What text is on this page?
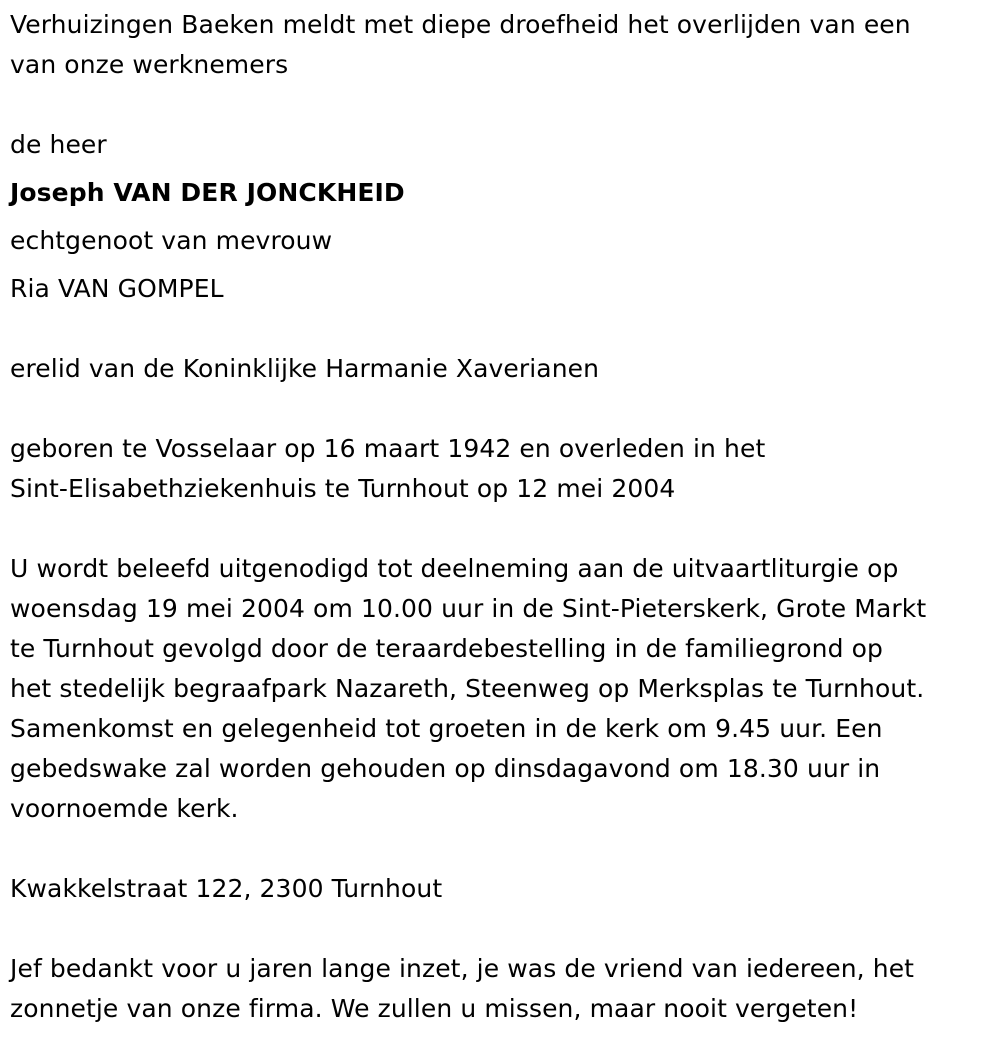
Verhuizingen Baeken meldt met diepe droefheid het overlijden van een
van onze werknemers
de heer
Joseph VAN DER JONCKHEID
echtgenoot van mevrouw
Ria VAN GOMPEL
erelid van de Koninklijke Harmanie Xaverianen
geboren te Vosselaar op 16 maart 1942 en overleden in het
Sint-Elisabethziekenhuis te Turnhout op 12 mei 2004
U wordt beleefd uitgenodigd tot deelneming aan de uitvaartliturgie op
woensdag 19 mei 2004 om 10.00 uur in de Sint-Pieterskerk, Grote Markt
te Turnhout gevolgd door de teraardebestelling in de familiegrond op
het stedelijk begraafpark Nazareth, Steenweg op Merksplas te Turnhout.
Samenkomst en gelegenheid tot groeten in de kerk om 9.45 uur. Een
gebedswake zal worden gehouden op dinsdagavond om 18.30 uur in
voornoemde kerk.
Kwakkelstraat 122, 2300 Turnhout
Jef bedankt voor u jaren lange inzet, je was de vriend van iedereen, het
zonnetje van onze firma. We zullen u missen, maar nooit vergeten!
